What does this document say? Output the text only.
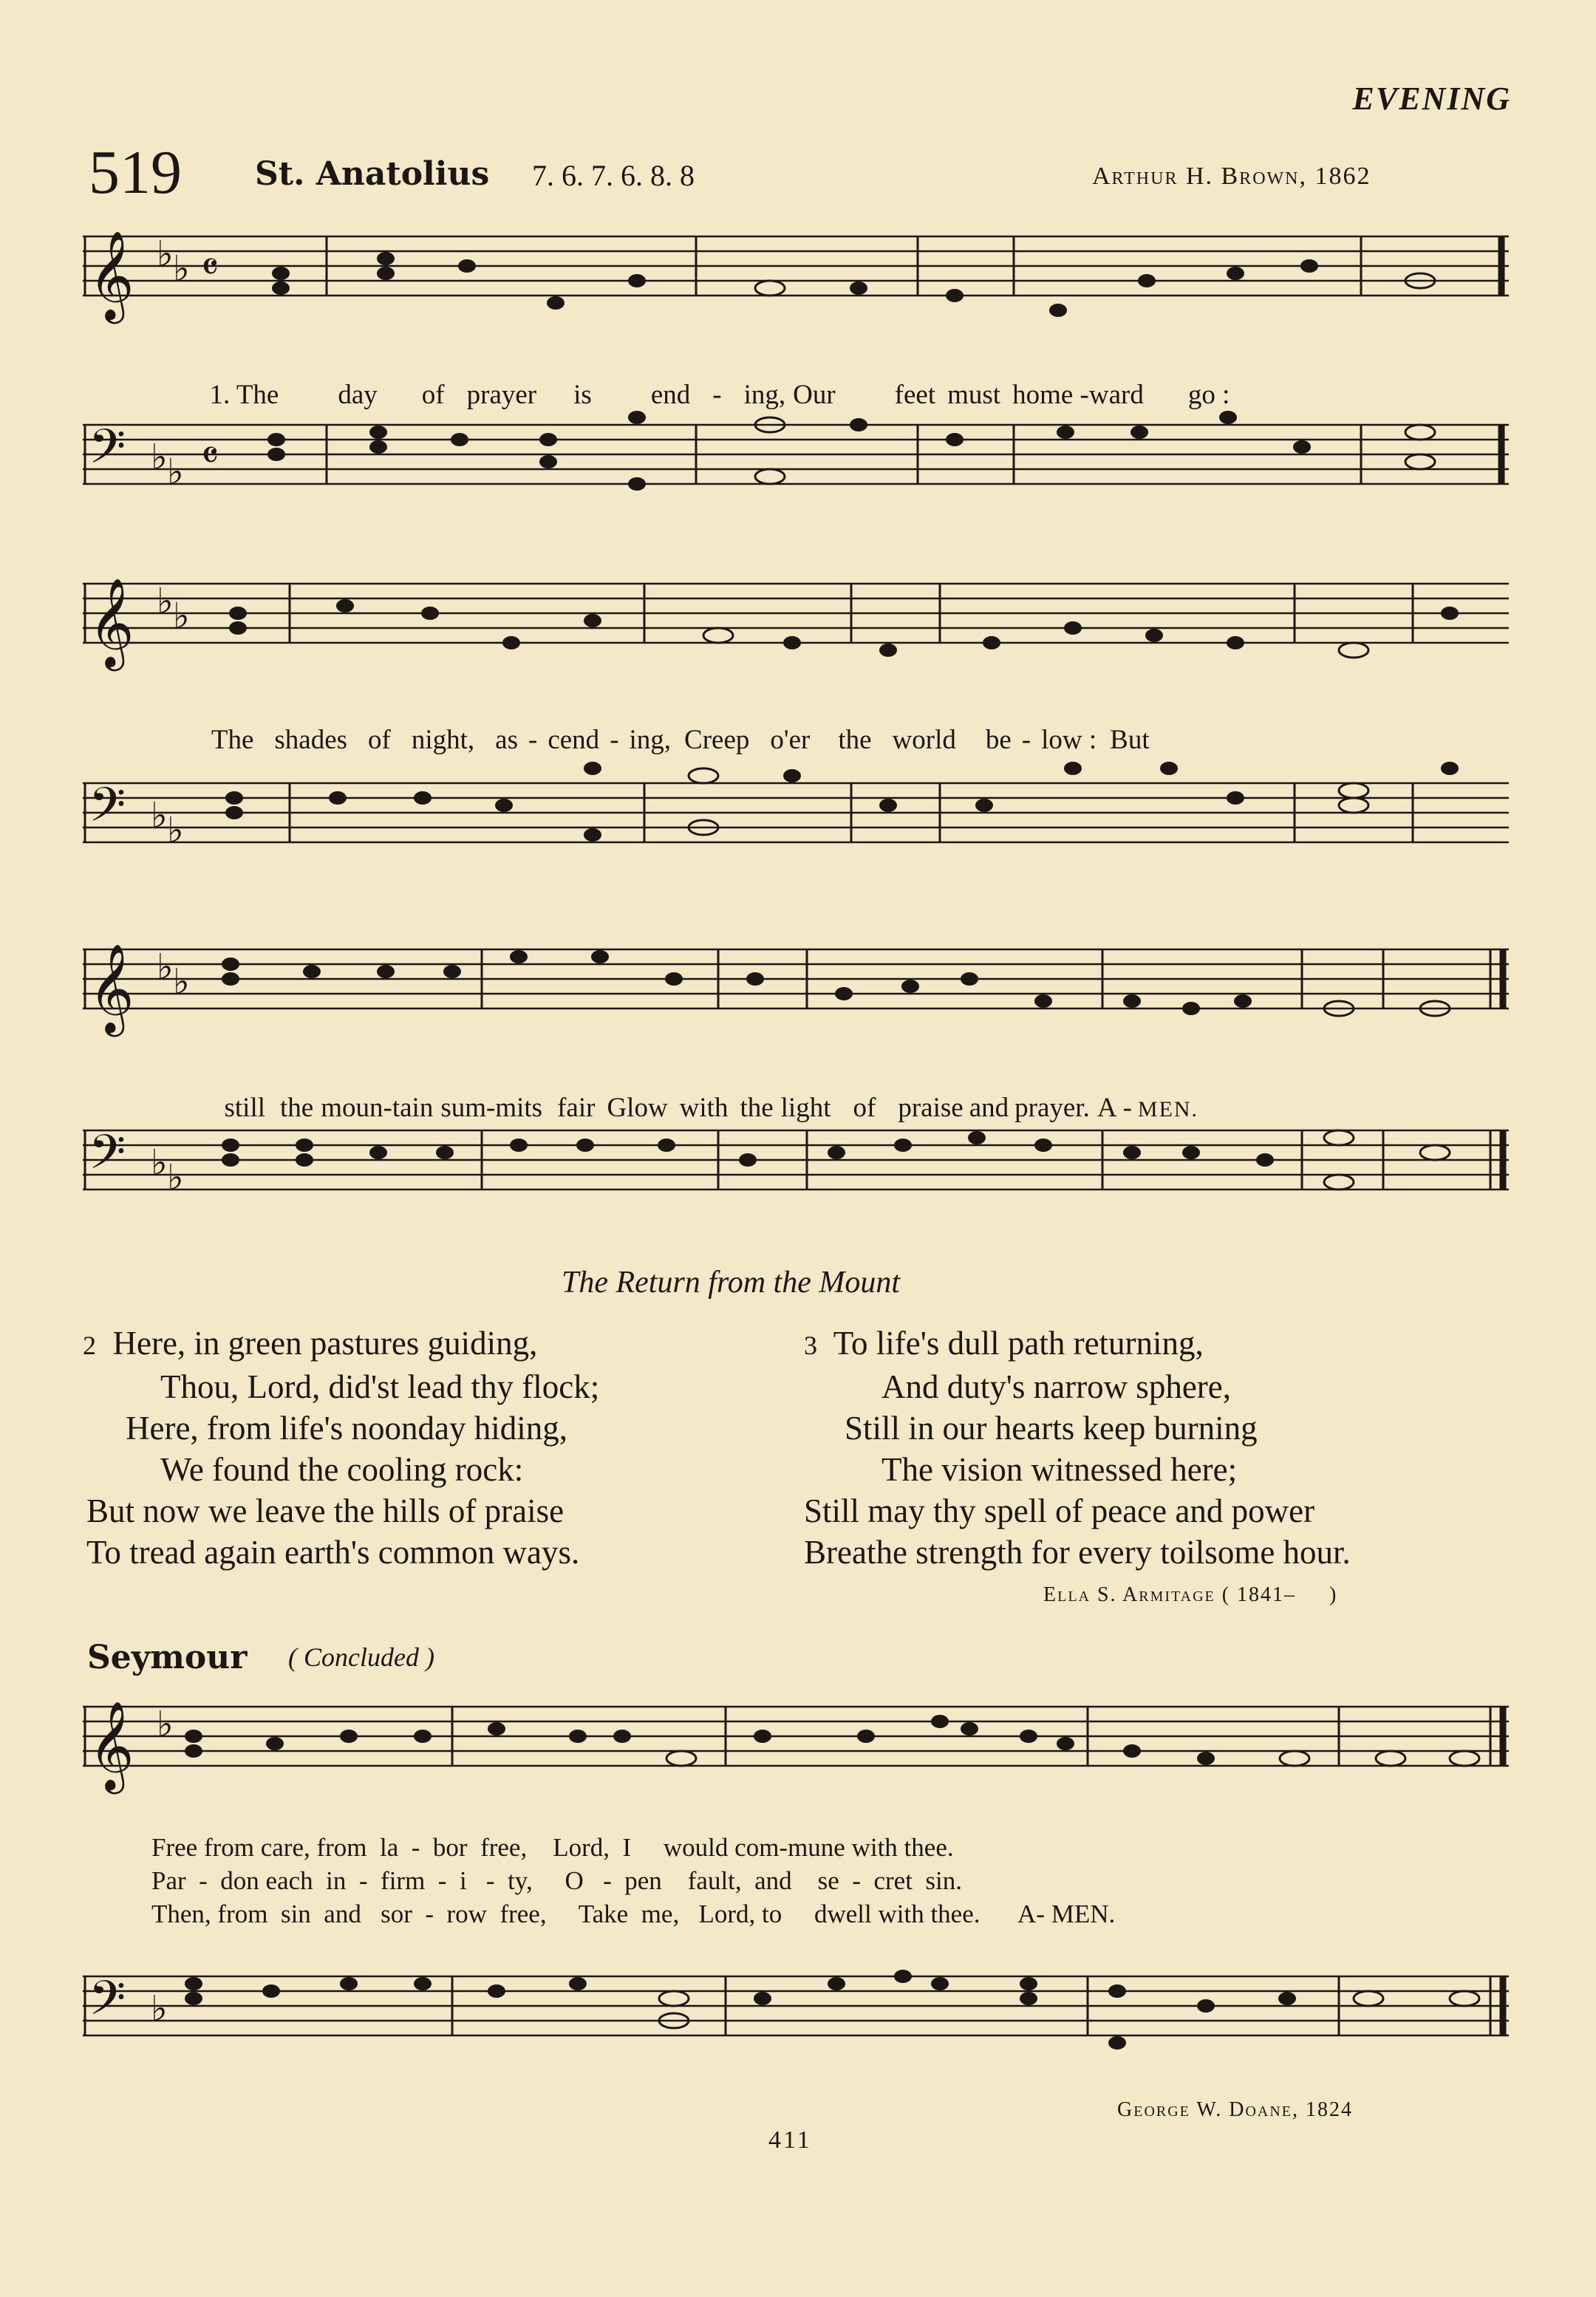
EVENING
519 St. Anatolius 7. 6. 7. 6. 8. 8	Arthur H. Brown, 1862
𝄞 ♭ ♭ 𝄴

1. The day of prayer is end - ing, Our feet must home -ward go :

𝄢 ♭ ♭ 𝄴
𝄞 ♭ ♭

The shades of night, as - cend - ing, Creep o'er the world be - low : But

𝄢 ♭ ♭
𝄞 ♭ ♭

still the moun-tain sum-mits fair Glow with the light of praise and prayer. A - MEN.

𝄢 ♭ ♭
The Return from the Mount
2 Here, in green pastures guiding,
Thou, Lord, did'st lead thy flock;
Here, from life's noonday hiding,
We found the cooling rock:
But now we leave the hills of praise
To tread again earth's common ways.
3 To life's dull path returning,
And duty's narrow sphere,
Still in our hearts keep burning
The vision witnessed here;
Still may thy spell of peace and power
Breathe strength for every toilsome hour.
Ella S. Armitage ( 1841–     )
Seymour ( Concluded )
𝄞 ♭
Free from care, from  la  -  bor  free,    Lord,  I     would com-mune with thee.
Par  -  don each  in  -  firm  -  i   -  ty,     O   -  pen    fault,  and    se  -  cret  sin.
Then, from  sin  and   sor  -  row  free,     Take  me,   Lord, to     dwell with thee.      A- MEN.
𝄢 ♭
George W. Doane, 1824
411
